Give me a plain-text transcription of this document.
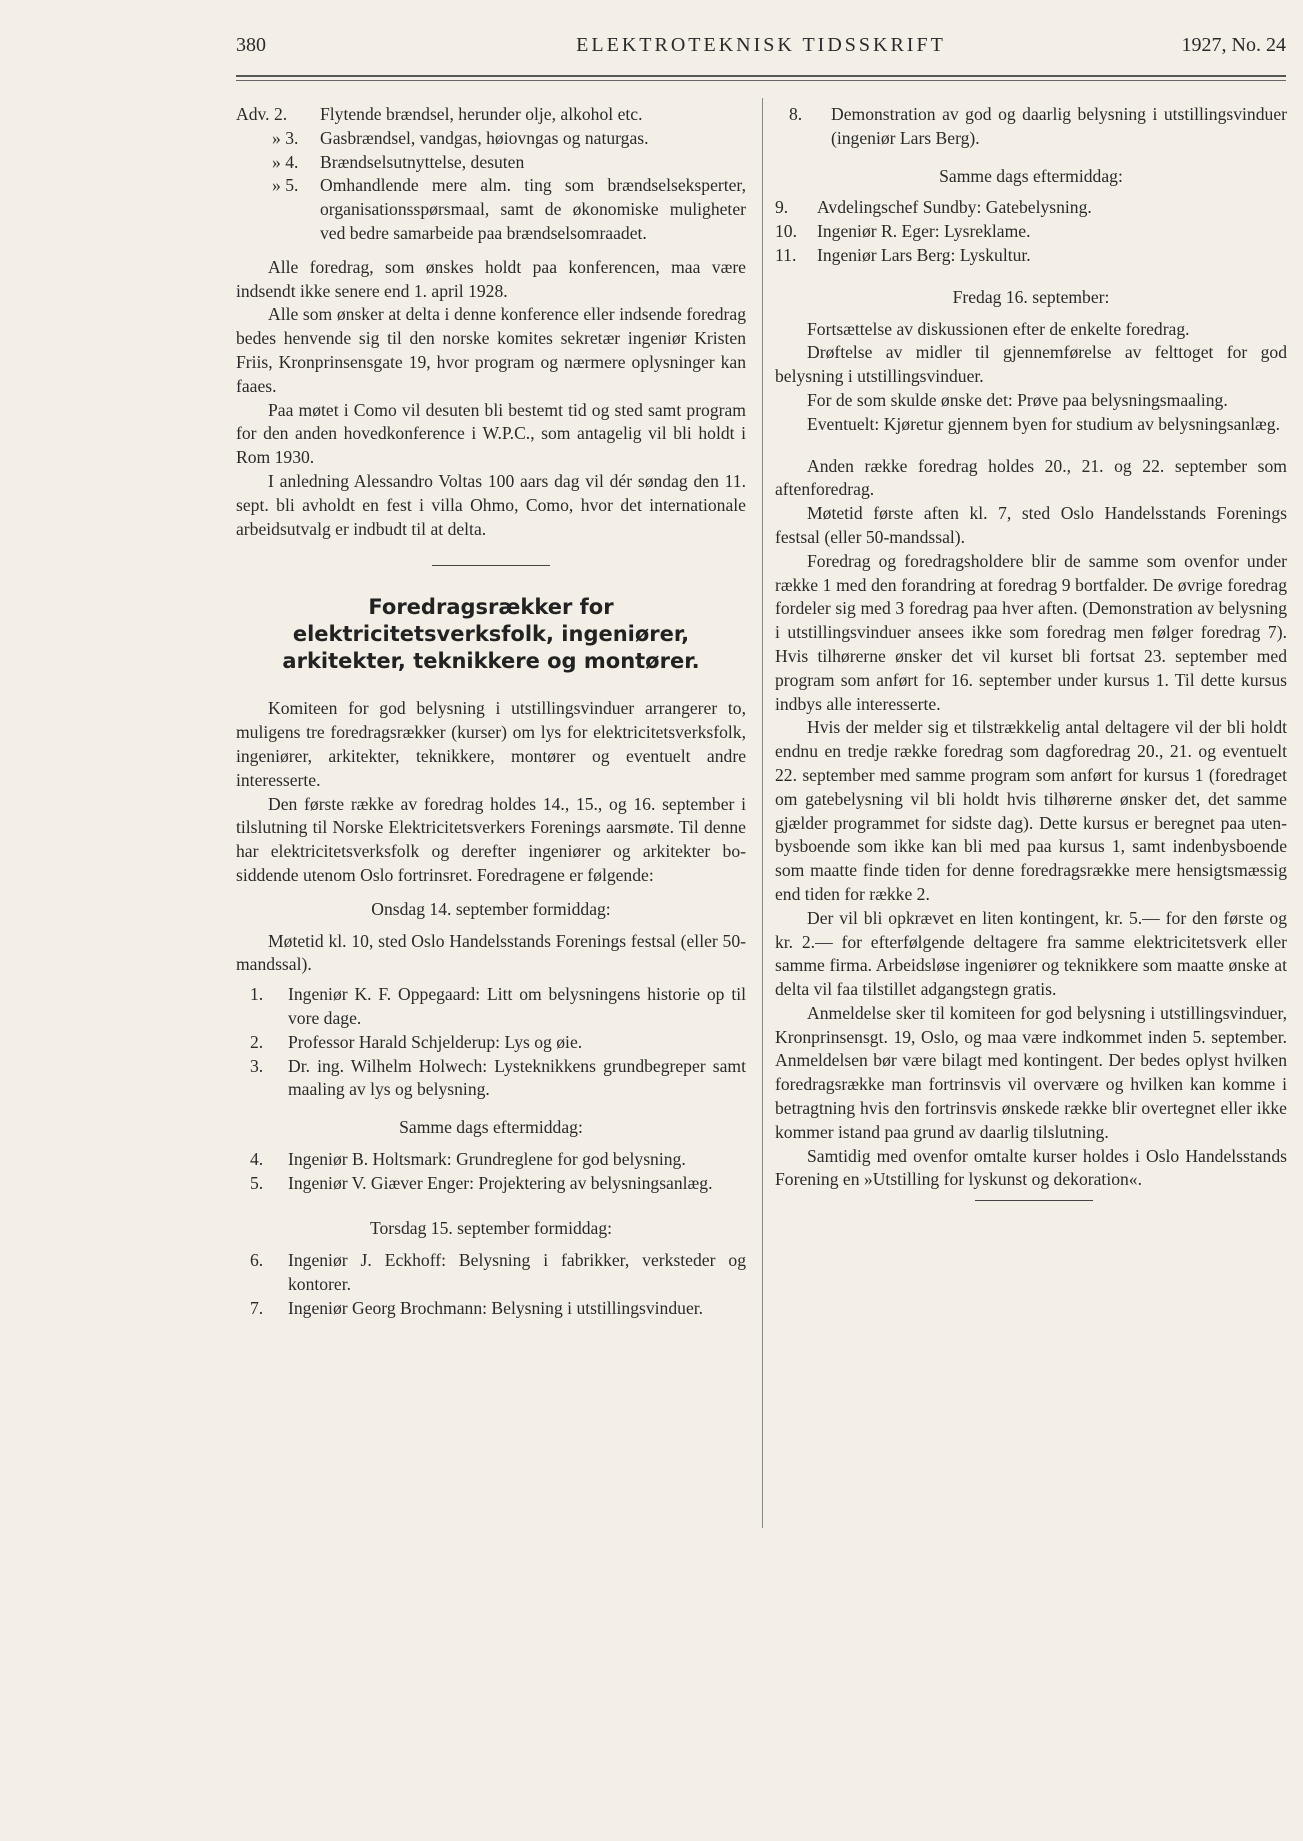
380	ELEKTROTEKNISK TIDSSKRIFT	1927, No. 24
Adv. 2.	Flytende brændsel, herunder olje, alkohol etc.
» 3.	Gasbrændsel, vandgas, høiovngas og naturgas.
» 4.	Brændselsutnyttelse, desuten
» 5.	Omhandlende mere alm. ting som brændselseksperter, organisationsspørsmaal, samt de økonomiske muligheter ved bedre samarbeide paa brændselsomraadet.

Alle foredrag, som ønskes holdt paa konferencen, maa være indsendt ikke senere end 1. april 1928.

Alle som ønsker at delta i denne konference eller indsende foredrag bedes henvende sig til den norske komites sekretær ingeniør Kristen Friis, Kronprinsensgate 19, hvor program og nærmere oplysninger kan faaes.

Paa møtet i Como vil desuten bli bestemt tid og sted samt program for den anden hovedkonference i W.P.C., som antagelig vil bli holdt i Rom 1930.

I anledning Alessandro Voltas 100 aars dag vil dér søndag den 11. sept. bli avholdt en fest i villa Ohmo, Como, hvor det internationale arbeidsutvalg er indbudt til at delta.

Foredragsrækker for elektricitetsverksfolk, ingeniører, arkitekter, teknikkere og montører.

Komiteen for god belysning i utstillingsvinduer arrangerer to, muligens tre foredragsrækker (kurser) om lys for elektricitetsverksfolk, ingeniører, arkitekter, teknikkere, montører og eventuelt andre interesserte.

Den første række av foredrag holdes 14., 15., og 16. september i tilslutning til Norske Elektricitetsverkers Forenings aarsmøte. Til denne har elektricitetsverksfolk og derefter ingeniører og arkitekter bosiddende utenom Oslo fortrinsret. Foredragene er følgende:

Onsdag 14. september formiddag:

Møtetid kl. 10, sted Oslo Handelsstands Forenings festsal (eller 50-mandssal).

1.	Ingeniør K. F. Oppegaard: Litt om belysningens historie op til vore dage.
2.	Professor Harald Schjelderup: Lys og øie.
3.	Dr. ing. Wilhelm Holwech: Lysteknikkens grundbegreper samt maaling av lys og belysning.
Samme dags eftermiddag:
4.	Ingeniør B. Holtsmark: Grundreglene for god belysning.
5.	Ingeniør V. Giæver Enger: Projektering av belysningsanlæg.
Torsdag 15. september formiddag:
6.	Ingeniør J. Eckhoff: Belysning i fabrikker, verksteder og kontorer.
7.	Ingeniør Georg Brochmann: Belysning i utstillingsvinduer.
8.	Demonstration av god og daarlig belysning i utstillingsvinduer (ingeniør Lars Berg).
Samme dags eftermiddag:
9.	Avdelingschef Sundby: Gatebelysning.
10.	Ingeniør R. Eger: Lysreklame.
11.	Ingeniør Lars Berg: Lyskultur.
Fredag 16. september:

Fortsættelse av diskussionen efter de enkelte foredrag.

Drøftelse av midler til gjennemførelse av felttoget for god belysning i utstillingsvinduer.

For de som skulde ønske det: Prøve paa belysningsmaaling.

Eventuelt: Kjøretur gjennem byen for studium av belysningsanlæg.

Anden række foredrag holdes 20., 21. og 22. september som aftenforedrag.

Møtetid første aften kl. 7, sted Oslo Handelsstands Forenings festsal (eller 50-mandssal).

Foredrag og foredragsholdere blir de samme som ovenfor under række 1 med den forandring at foredrag 9 bortfalder. De øvrige foredrag fordeler sig med 3 foredrag paa hver aften. (Demonstration av belysning i utstillingsvinduer ansees ikke som foredrag men følger foredrag 7). Hvis tilhørerne ønsker det vil kurset bli fortsat 23. september med program som anført for 16. september under kursus 1. Til dette kursus indbys alle interesserte.

Hvis der melder sig et tilstrækkelig antal deltagere vil der bli holdt endnu en tredje række foredrag som dagforedrag 20., 21. og eventuelt 22. september med samme program som anført for kursus 1 (foredraget om gatebelysning vil bli holdt hvis tilhørerne ønsker det, det samme gjælder programmet for sidste dag). Dette kursus er beregnet paa utenbysboende som ikke kan bli med paa kursus 1, samt indenbysboende som maatte finde tiden for denne foredragsrække mere hensigtsmæssig end tiden for række 2.

Der vil bli opkrævet en liten kontingent, kr. 5.— for den første og kr. 2.— for efterfølgende deltagere fra samme elektricitetsverk eller samme firma. Arbeidsløse ingeniører og teknikkere som maatte ønske at delta vil faa tilstillet adgangstegn gratis.

Anmeldelse sker til komiteen for god belysning i utstillingsvinduer, Kronprinsensgt. 19, Oslo, og maa være indkommet inden 5. september. Anmeldelsen bør være bilagt med kontingent. Der bedes oplyst hvilken foredragsrække man fortrinsvis vil overvære og hvilken kan komme i betragtning hvis den fortrinsvis ønskede række blir overtegnet eller ikke kommer istand paa grund av daarlig tilslutning.

Samtidig med ovenfor omtalte kurser holdes i Oslo Handelsstands Forening en »Utstilling for lyskunst og dekoration«.
